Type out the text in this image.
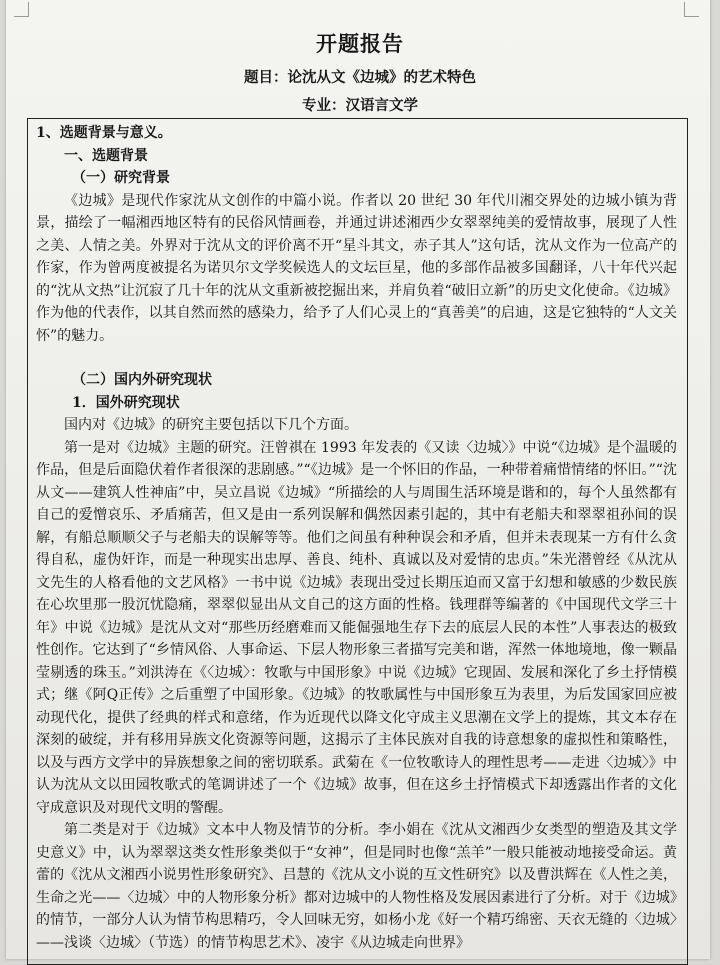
开题报告
题目：论沈从文《边城》的艺术特色
专业：汉语言文学

1、选题背景与意义。

一、选题背景

（一）研究背景

《边城》是现代作家沈从文创作的中篇小说。作者以 20 世纪 30 年代川湘交界处的边城小镇为背景，描绘了一幅湘西地区特有的民俗风情画卷，并通过讲述湘西少女翠翠纯美的爱情故事，展现了人性之美、人情之美。外界对于沈从文的评价离不开“星斗其文，赤子其人”这句话，沈从文作为一位高产的作家，作为曾两度被提名为诺贝尔文学奖候选人的文坛巨星，他的多部作品被多国翻译，八十年代兴起的“沈从文热”让沉寂了几十年的沈从文重新被挖掘出来，并肩负着“破旧立新”的历史文化使命。《边城》作为他的代表作，以其自然而然的感染力，给予了人们心灵上的“真善美”的启迪，这是它独特的“人文关怀”的魅力。

（二）国内外研究现状

1．国外研究现状

国内对《边城》的研究主要包括以下几个方面。

第一是对《边城》主题的研究。汪曾祺在 1993 年发表的《又读〈边城〉》中说“《边城》是个温暖的作品，但是后面隐伏着作者很深的悲剧感。”“《边城》是一个怀旧的作品，一种带着痛惜情绪的怀旧。”“沈从文——建筑人性神庙”中，吴立昌说《边城》“所描绘的人与周围生活环境是谐和的，每个人虽然都有自己的爱憎哀乐、矛盾痛苦，但又是由一系列误解和偶然因素引起的，其中有老船夫和翠翠祖孙间的误解，有船总顺顺父子与老船夫的误解等等。他们之间虽有种种误会和矛盾，但并未表现某一方有什么贪得自私，虚伪奸诈，而是一种现实出忠厚、善良、纯朴、真诚以及对爱情的忠贞。”朱光潜曾经《从沈从文先生的人格看他的文艺风格》一书中说《边城》表现出受过长期压迫而又富于幻想和敏感的少数民族在心坎里那一股沉忧隐痛，翠翠似显出从文自己的这方面的性格。钱理群等编著的《中国现代文学三十年》中说《边城》是沈从文对“那些历经磨难而又能倔强地生存下去的底层人民的本性”人事表达的极致性创作。它达到了“乡情风俗、人事命运、下层人物形象三者描写完美和谐，浑然一体地境地，像一颗晶莹剔透的珠玉。”刘洪涛在《〈边城〉：牧歌与中国形象》中说《边城》它现固、发展和深化了乡土抒情模式；继《阿Q正传》之后重塑了中国形象。《边城》的牧歌属性与中国形象互为表里，为后发国家回应被动现代化，提供了经典的样式和意绪，作为近现代以降文化守成主义思潮在文学上的提炼，其文本存在深刻的破绽，并有移用异族文化资源等问题，这揭示了主体民族对自我的诗意想象的虚拟性和策略性，以及与西方文学中的异族想象之间的密切联系。武菊在《一位牧歌诗人的理性思考——走进〈边城〉》中认为沈从文以田园牧歌式的笔调讲述了一个《边城》故事，但在这乡土抒情模式下却透露出作者的文化守成意识及对现代文明的警醒。

第二类是对于《边城》文本中人物及情节的分析。李小娟在《沈从文湘西少女类型的塑造及其文学史意义》中，认为翠翠这类女性形象类似于“女神”，但是同时也像“羔羊”一般只能被动地接受命运。黄蕾的《沈从文湘西小说男性形象研究》、吕慧的《沈从文小说的互文性研究》以及曹洪辉在《人性之美，生命之光——〈边城〉中的人物形象分析》都对边城中的人物性格及发展因素进行了分析。对于《边城》的情节，一部分人认为情节构思精巧，令人回味无穷，如杨小龙《好一个精巧绵密、天衣无缝的〈边城〉——浅谈〈边城〉（节选）的情节构思艺术》、凌宇《从边城走向世界》
